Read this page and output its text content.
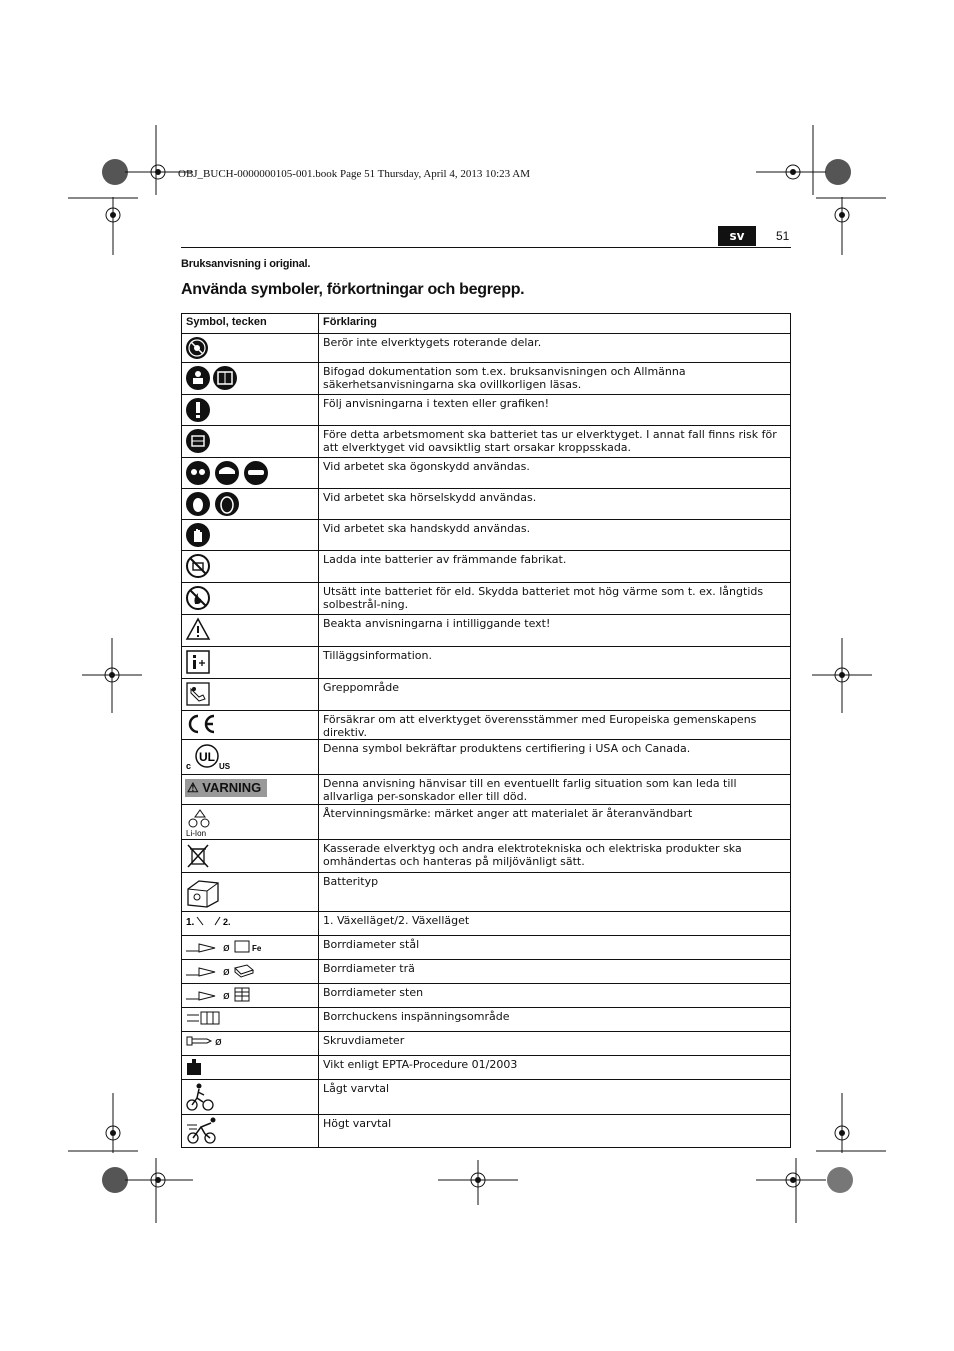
OBJ_BUCH-0000000105-001.book Page 51 Thursday, April 4, 2013 10:23 AM
sv	51
Bruksanvisning i original.
Använda symboler, förkortningar och begrepp.
Symbol, tecken	Förklaring

	Berör inte elverktygets roterande delar.

	Bifogad dokumentation som t.ex. bruksanvisningen och Allmänna säkerhetsanvisningarna ska ovillkorligen läsas.

	Följ anvisningarna i texten eller grafiken!

	Före detta arbetsmoment ska batteriet tas ur elverktyget. I annat fall finns risk för att elverktyget vid oavsiktlig start orsakar kroppsskada.

	Vid arbetet ska ögonskydd användas.

	Vid arbetet ska hörselskydd användas.

	Vid arbetet ska handskydd användas.

	Ladda inte batterier av främmande fabrikat.

	Utsätt inte batteriet för eld. Skydda batteriet mot hög värme som t. ex. långtids solbestrål-ning.

	Beakta anvisningarna i intilliggande text!

	Tilläggsinformation.

	Greppområde

	Försäkrar om att elverktyget överensstämmer med Europeiska gemenskapens direktiv.

c
UL
US	Denna symbol bekräftar produktens certifiering i USA och Canada.
⚠ VARNING	Denna anvisning hänvisar till en eventuellt farlig situation som kan leda till allvarliga per-sonskador eller till död.

Li-Ion	Återvinningsmärke: märket anger att materialet är återanvändbart

	Kasserade elverktyg och andra elektrotekniska och elektriska produkter ska omhändertas och hanteras på miljövänligt sätt.

	Batterityp

1. 2.	1. Växelläget/2. Växelläget

ø Fe	Borrdiameter stål

ø	Borrdiameter trä

ø	Borrdiameter sten

	Borrchuckens inspänningsområde

ø	Skruvdiameter

	Vikt enligt EPTA-Procedure 01/2003

	Lågt varvtal

	Högt varvtal
